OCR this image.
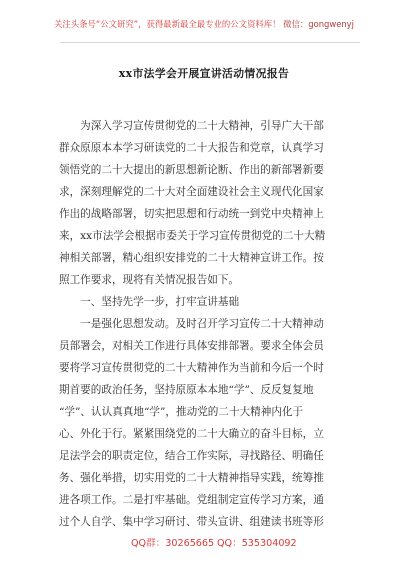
关注头条号“公文研究”，获得最新最全最专业的公文资料库！ 微信：gongwenyj
xx市法学会开展宣讲活动情况报告
　　为深入学习宣传贯彻党的二十大精神，引导广大干部
群众原原本本学习研读党的二十大报告和党章，认真学习
领悟党的二十大提出的新思想新论断、作出的新部署新要
求，深刻理解党的二十大对全面建设社会主义现代化国家
作出的战略部署，切实把思想和行动统一到党中央精神上
来，xx市法学会根据市委关于学习宣传贯彻党的二十大精
神相关部署，精心组织安排党的二十大精神宣讲工作。按
照工作要求，现将有关情况报告如下。
　　一、坚持先学一步，打牢宣讲基础
　　一是强化思想发动。及时召开学习宣传二十大精神动
员部署会，对相关工作进行具体安排部署。要求全体会员
要将学习宣传贯彻党的二十大精神作为当前和今后一个时
期首要的政治任务，坚持原原本本地“学”、反反复复地
“学”、认认真真地“学”，推动党的二十大精神内化于
心、外化于行。紧紧围绕党的二十大确立的奋斗目标，立
足法学会的职责定位，结合工作实际，寻找路径、明确任
务、强化举措，切实用党的二十大精神指导实践，统筹推
进各项工作。二是打牢基础。党组制定宣传学习方案，通
过个人自学、集中学习研讨、带头宣讲、组建读书班等形
QQ群：30265665 QQ：535304092
